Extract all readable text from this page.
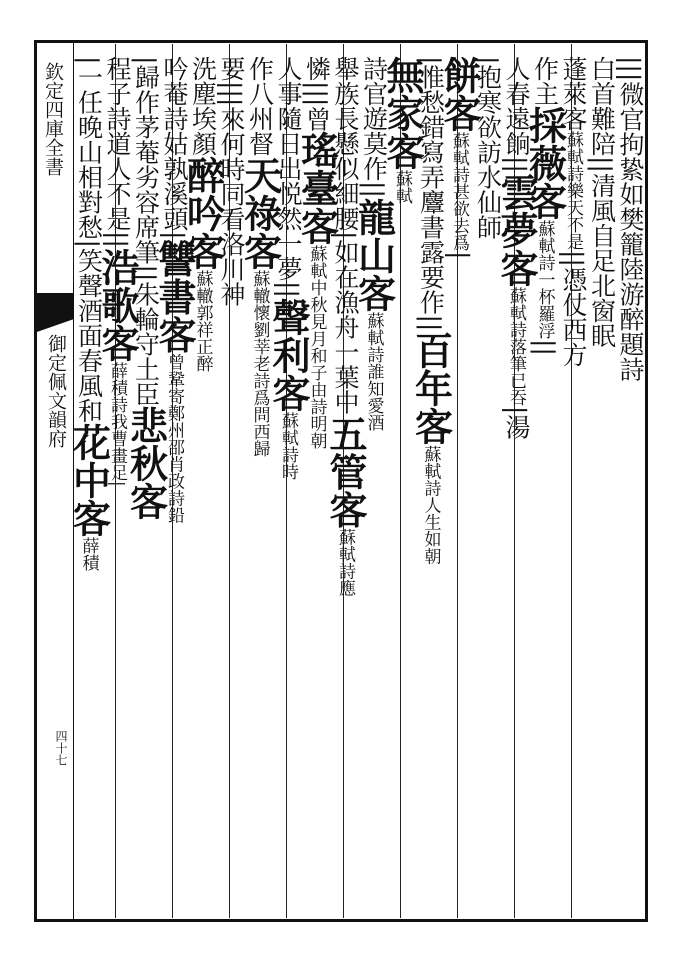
欽定四庫全書
御定佩文韻府
四十七
|||微官拘絷如樊籠陸游醉題詩
白首難陪||清風自足北窗眠
蓬萊客蘇軾詩樂天不是||憑仗西方
作主採薇客蘇軾詩一杯羅浮||
人春遠餉||雲夢客蘇軾詩落筆已吞|湯
|抱寒欲訪水仙師
餅客蘇軾詩甚欲去爲|
|惟愁錯寫弄麞書露要作||百年客蘇軾詩人生如朝
無家客蘇軾
詩官遊莫作||龍山客蘇軾詩誰知愛酒
舉族長懸似細腰|如在漁舟一葉中五管客蘇軾詩應
憐|||曾瑤臺客蘇軾中秋見月和子由詩明朝
人事隨日出悦然一夢||聲利客蘇軾詩時
作八州督天祿客蘇轍懷劉莘老詩爲問西歸
要|||來何時同看洛川神
洗塵埃顏醉吟客蘇轍郭祥正醉
吟菴詩姑孰溪頭|讐書客曾鞏寄鄭州邵肖政詩鉛
|歸作茅菴劣容席筆||朱輪守土臣悲秋客
程子詩道人不是||浩歌客薛積詩我曹畫足|
|一任晚山相對愁|笑聲酒面春風和花中客薛積
